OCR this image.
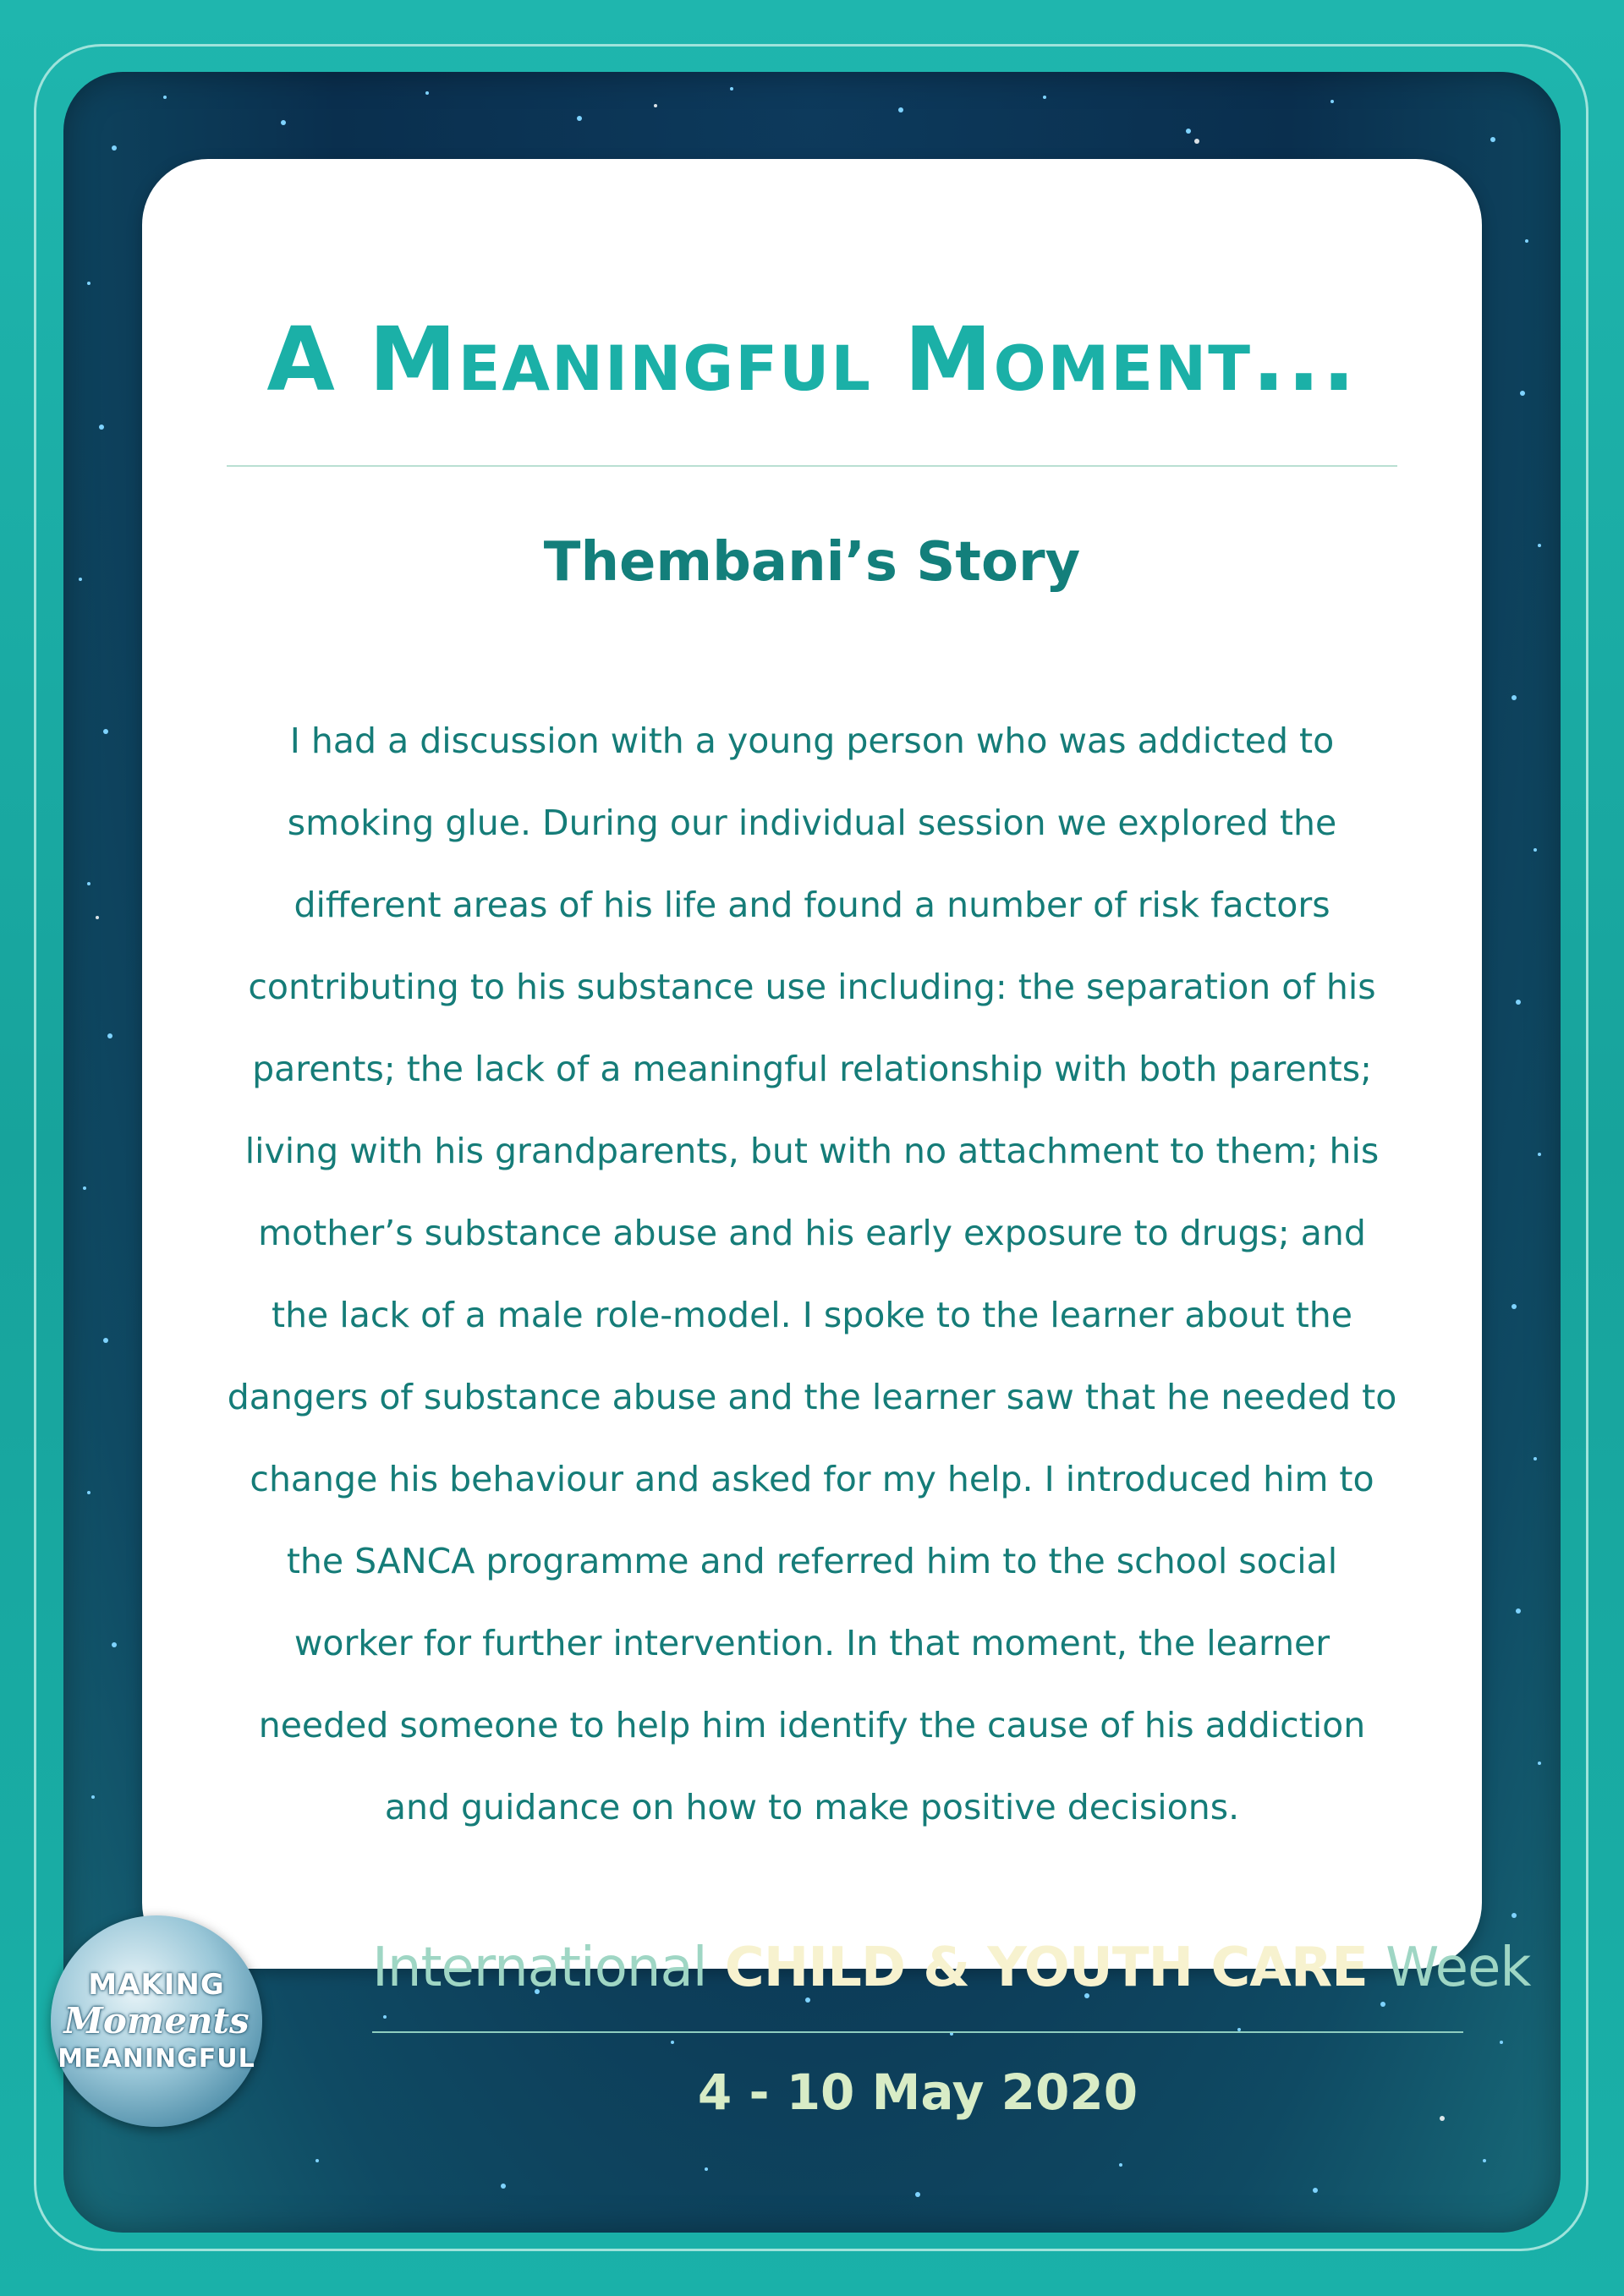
A Meaningful Moment...
Thembani’s Story

I had a discussion with a young person who was addicted to smoking glue. During our individual session we explored the different areas of his life and found a number of risk factors contributing to his substance use including: the separation of his parents; the lack of a meaningful relationship with both parents; living with his grandparents, but with no attachment to them; his mother’s substance abuse and his early exposure to drugs; and the lack of a male role-model. I spoke to the learner about the dangers of substance abuse and the learner saw that he needed to change his behaviour and asked for my help. I introduced him to the SANCA programme and referred him to the school social worker for further intervention. In that moment, the learner needed someone to help him identify the cause of his addiction and guidance on how to make positive decisions.

MAKING
Moments
MEANINGFUL
International CHILD & YOUTH CARE Week
4 - 10 May 2020
